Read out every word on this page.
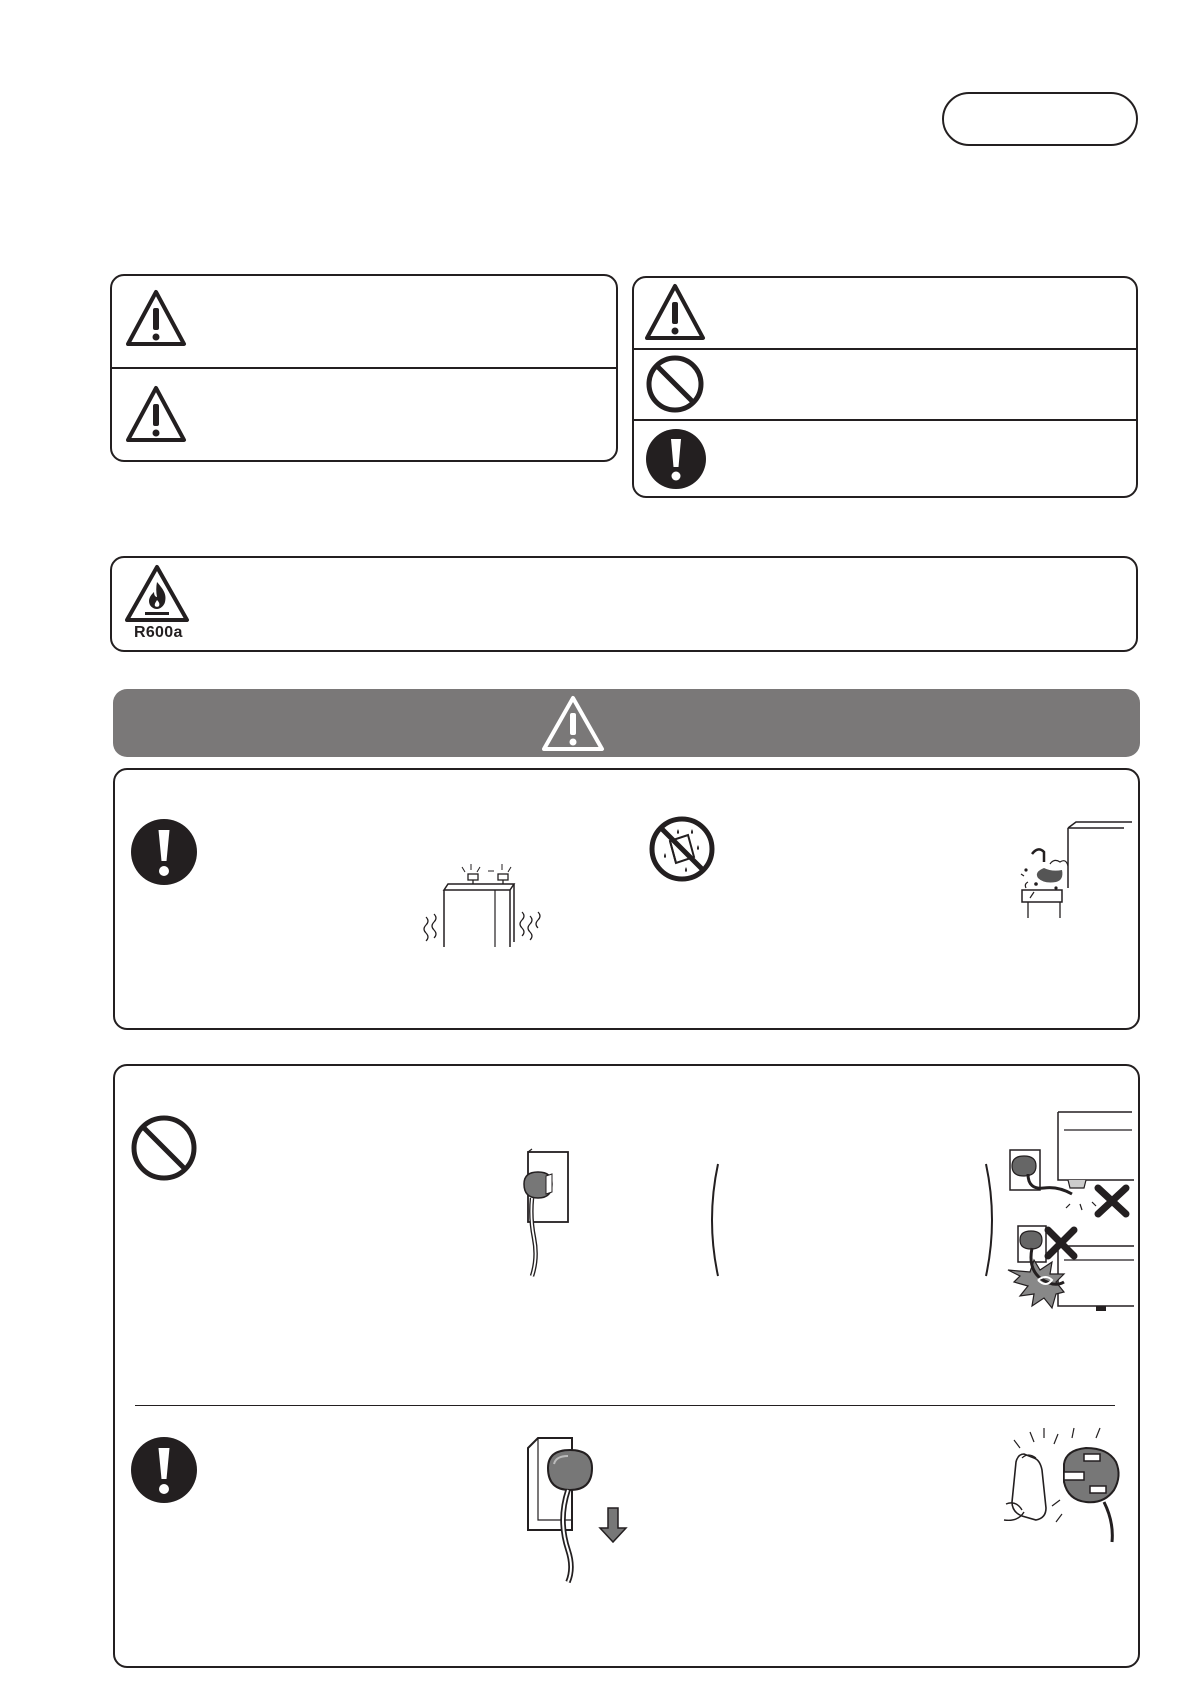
R600a
